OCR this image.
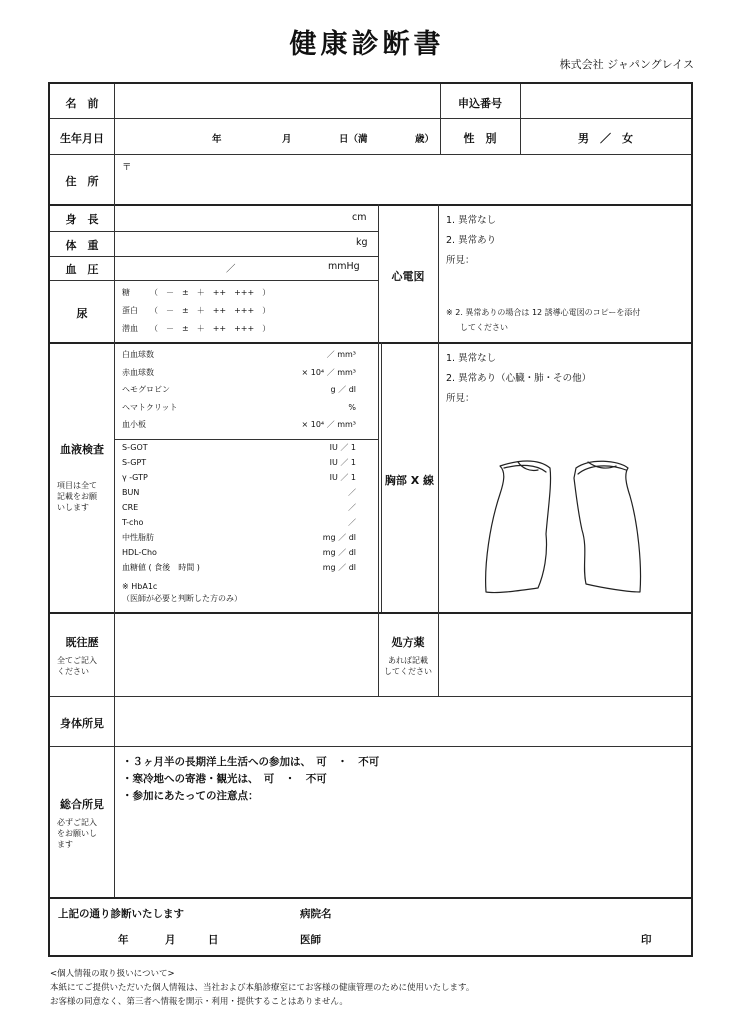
健康診断書
株式会社 ジャパングレイス
名　前	申込番号
生年月日	年	月	日（満	歳）	性　別	男　／　女
住　所
〒
身　長	cm
体　重	kg
血　圧	／	mmHg
尿
糖	（　－　±　＋　++　+++　）
蛋白 （　－　±　＋　++　+++　）
潜血 （　－　±　＋　++　+++　）
心電図
1. 異常なし
2. 異常あり
所見：
※ 2. 異常ありの場合は 12 誘導心電図のコピーを添付
してください
血液検査
項目は全て
記載をお願
いします
白血球数	／ mm³
赤血球数	× 10⁴ ／ mm³
ヘモグロビン	g ／ dl
ヘマトクリット	%
血小板	× 10⁴ ／ mm³
S-GOT	IU ／ 1
S-GPT	IU ／ 1
γ -GTP	IU ／ 1
BUN	／
CRE	／
T-cho	／
中性脂肪	mg ／ dl
HDL-Cho	mg ／ dl
血糖値 ( 食後　時間 )	mg ／ dl
※ HbA1c
（医師が必要と判断した方のみ）
胸部 X 線
1. 異常なし
2. 異常あり（心臓・肺・その他）
所見：
既往歴
全てご記入
ください
処方薬
あれば記載
してください
身体所見
総合所見
必ずご記入
をお願いし
ます
・３ヶ月半の長期洋上生活への参加は、　可　・　不可
・寒冷地への寄港・観光は、　可　・　不可
・参加にあたっての注意点：
上記の通り診断いたします	病院名
年	月	日	医師	印
<個人情報の取り扱いについて>
本紙にてご提供いただいた個人情報は、当社および本船診療室にてお客様の健康管理のために使用いたします。
お客様の同意なく、第三者へ情報を開示・利用・提供することはありません。
